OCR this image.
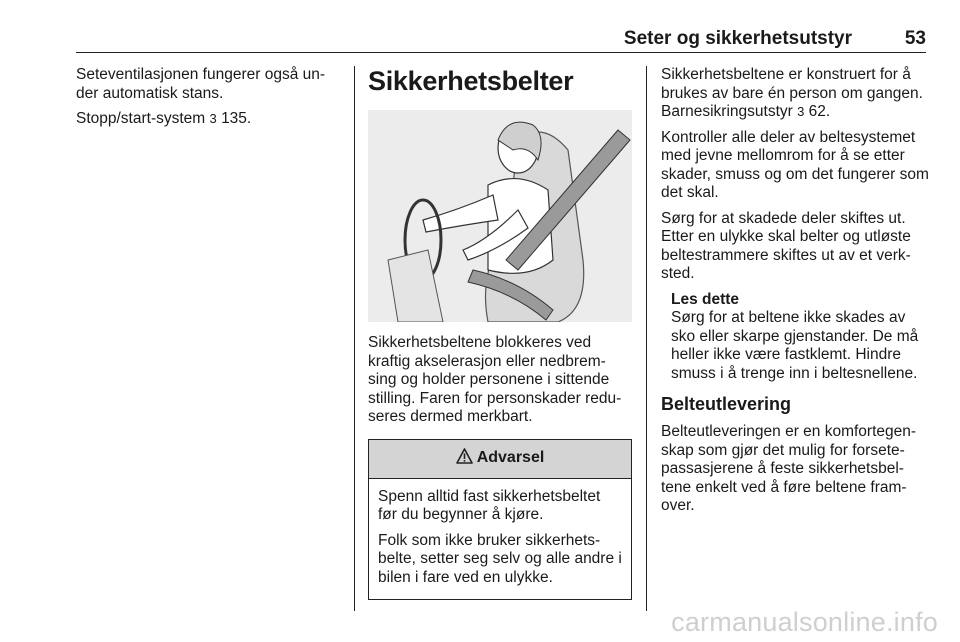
Seter og sikkerhetsutstyr	53

Seteventilasjonen fungerer også un- der automatisk stans.

Stopp/start-system 3 135.

Sikkerhetsbelter

Sikkerhetsbeltene blokkeres ved kraftig akselerasjon eller nedbrem- sing og holder personene i sittende stilling. Faren for personskader redu- seres dermed merkbart.

Advarsel

Spenn alltid fast sikkerhetsbeltet før du begynner å kjøre.

Folk som ikke bruker sikkerhets- belte, setter seg selv og alle andre i bilen i fare ved en ulykke.

Sikkerhetsbeltene er konstruert for å brukes av bare én person om gangen. Barnesikringsutstyr 3 62.

Kontroller alle deler av beltesystemet med jevne mellomrom for å se etter skader, smuss og om det fungerer som det skal.

Sørg for at skadede deler skiftes ut. Etter en ulykke skal belter og utløste beltestrammere skiftes ut av et verk- sted.

Les dette
Sørg for at beltene ikke skades av sko eller skarpe gjenstander. De må heller ikke være fastklemt. Hindre smuss i å trenge inn i beltesnellene.
Belteutlevering

Belteutleveringen er en komfortegen- skap som gjør det mulig for forsete- passasjerene å feste sikkerhetsbel- tene enkelt ved å føre beltene fram- over.

carmanualsonline.info
